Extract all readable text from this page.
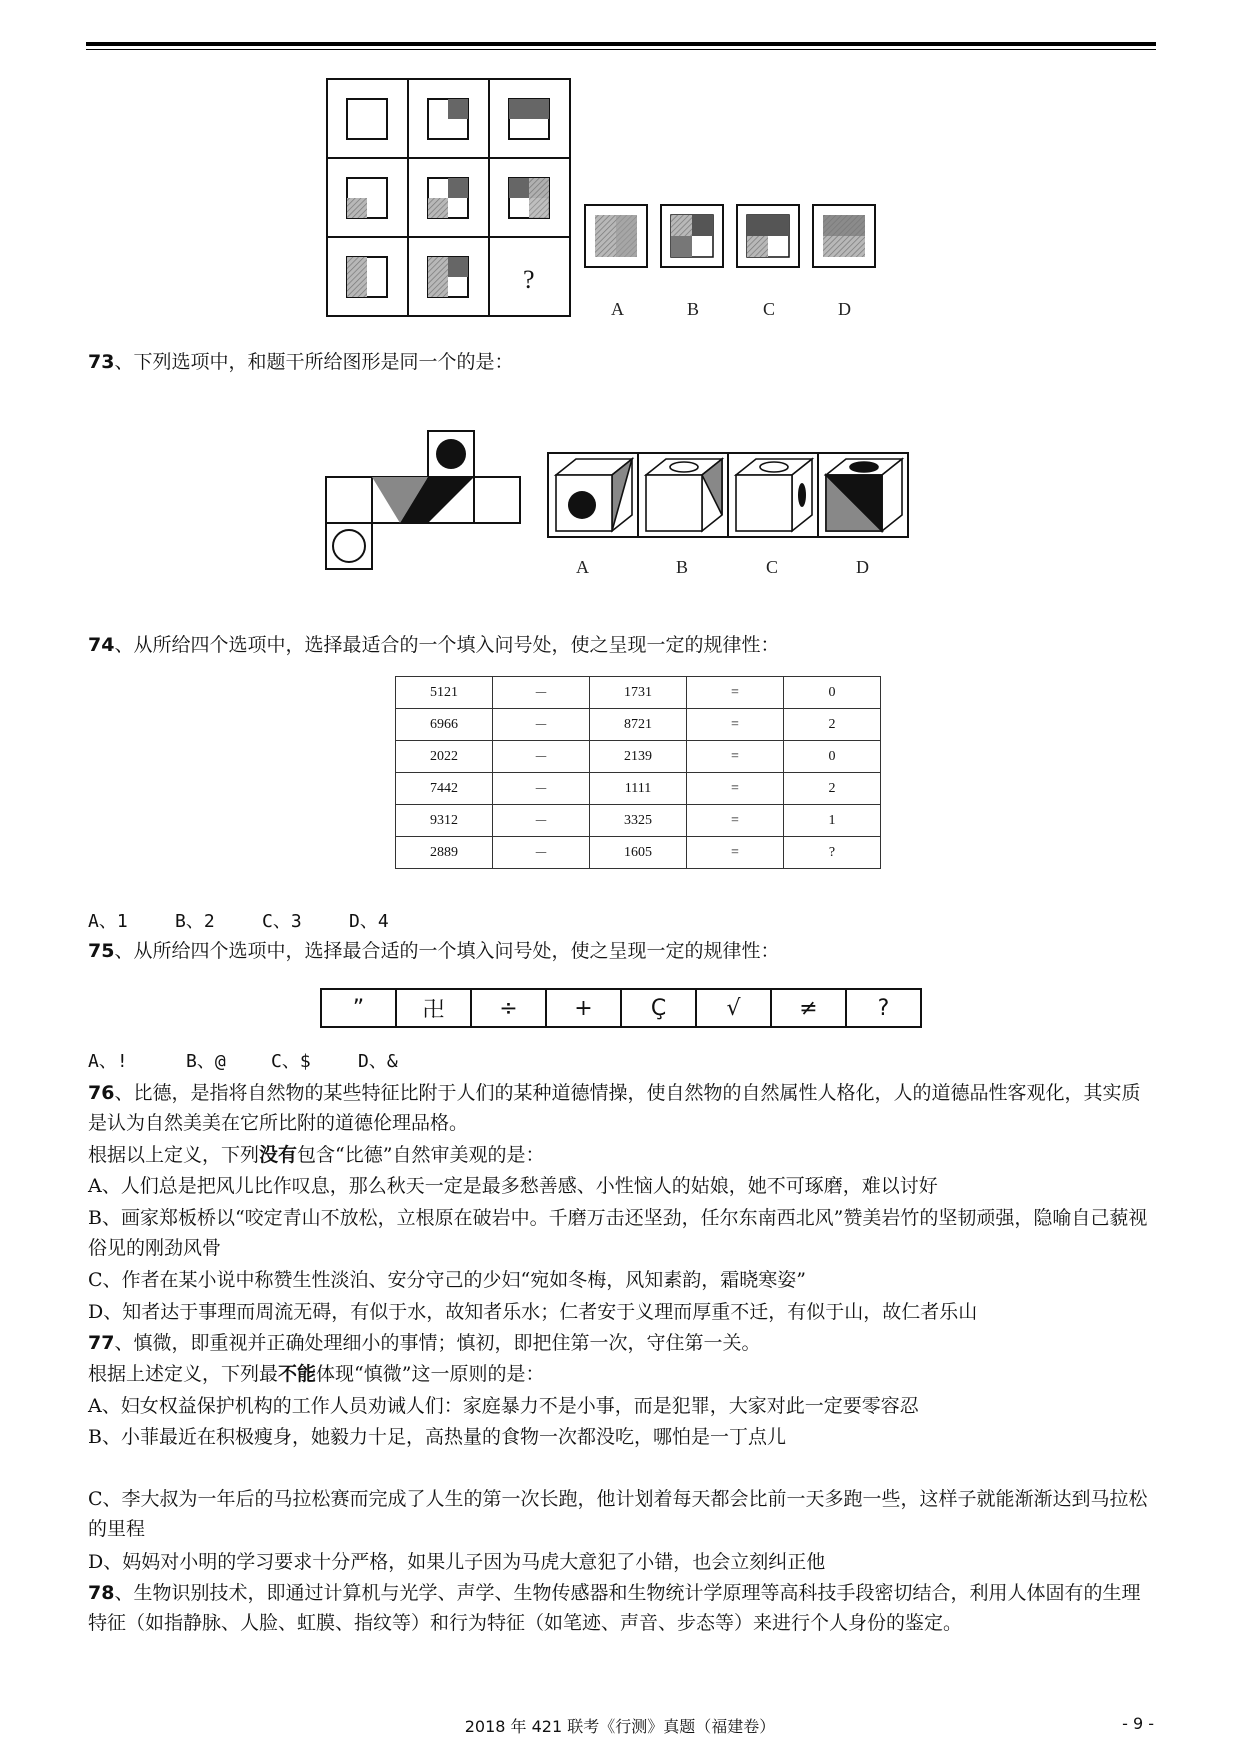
?
A	B	C	D
73、下列选项中，和题干所给图形是同一个的是：
A	B	C	D
74、从所给四个选项中，选择最适合的一个填入问号处，使之呈现一定的规律性：
5121	－	1731	=	0
6966	－	8721	=	2
2022	－	2139	=	0
7442	－	1111	=	2
9312	－	3325	=	1
2889	－	1605	=	?
A、1	B、2	C、3	D、4
75、从所给四个选项中，选择最合适的一个填入问号处，使之呈现一定的规律性：
”	卍	÷	+	Ç	√	≠	?
A、!	B、@	C、$	D、&
76、比德，是指将自然物的某些特征比附于人们的某种道德情操，使自然物的自然属性人格化，人的道德品性客观化，其实质是认为自然美美在它所比附的道德伦理品格。
根据以上定义，下列没有包含“比德”自然审美观的是：
A、人们总是把风儿比作叹息，那么秋天一定是最多愁善感、小性恼人的姑娘，她不可琢磨，难以讨好
B、画家郑板桥以“咬定青山不放松，立根原在破岩中。千磨万击还坚劲，任尔东南西北风”赞美岩竹的坚韧顽强，隐喻自己藐视俗见的刚劲风骨
C、作者在某小说中称赞生性淡泊、安分守己的少妇“宛如冬梅，风知素韵，霜晓寒姿”
D、知者达于事理而周流无碍，有似于水，故知者乐水；仁者安于义理而厚重不迁，有似于山，故仁者乐山
77、慎微，即重视并正确处理细小的事情；慎初，即把住第一次，守住第一关。
根据上述定义，下列最不能体现“慎微”这一原则的是：
A、妇女权益保护机构的工作人员劝诫人们：家庭暴力不是小事，而是犯罪，大家对此一定要零容忍
B、小菲最近在积极瘦身，她毅力十足，高热量的食物一次都没吃，哪怕是一丁点儿
C、李大叔为一年后的马拉松赛而完成了人生的第一次长跑，他计划着每天都会比前一天多跑一些，这样子就能渐渐达到马拉松的里程
D、妈妈对小明的学习要求十分严格，如果儿子因为马虎大意犯了小错，也会立刻纠正他
78、生物识别技术，即通过计算机与光学、声学、生物传感器和生物统计学原理等高科技手段密切结合，利用人体固有的生理特征（如指静脉、人脸、虹膜、指纹等）和行为特征（如笔迹、声音、步态等）来进行个人身份的鉴定。
2018 年 421 联考《行测》真题（福建卷）	- 9 -
